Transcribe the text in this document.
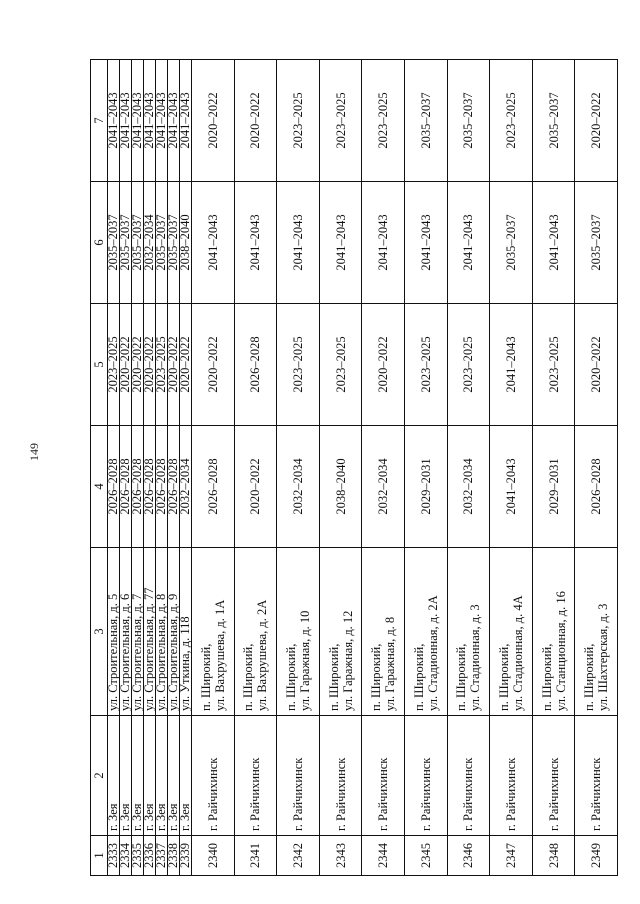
149
1	2	3	4	5	6	7
2333	г. Зея	ул. Строительная, д. 5	2026–2028	2023–2025	2035–2037	2041–2043
2334	г. Зея	ул. Строительная, д. 6	2026–2028	2020–2022	2035–2037	2041–2043
2335	г. Зея	ул. Строительная, д. 7	2026–2028	2020–2022	2035–2037	2041–2043
2336	г. Зея	ул. Строительная, д. 77	2026–2028	2020–2022	2032–2034	2041–2043
2337	г. Зея	ул. Строительная, д. 8	2026–2028	2023–2025	2035–2037	2041–2043
2338	г. Зея	ул. Строительная, д. 9	2026–2028	2020–2022	2035–2037	2041–2043
2339	г. Зея	ул. Уткина, д. 118	2032–2034	2020–2022	2038–2040	2041–2043
2340	г. Райчихинск	п. Широкий, ул. Вахрушева, д. 1А	2026–2028	2020–2022	2041–2043	2020–2022
2341	г. Райчихинск	п. Широкий, ул. Вахрушева, д. 2А	2020–2022	2026–2028	2041–2043	2020–2022
2342	г. Райчихинск	п. Широкий, ул. Гаражная, д. 10	2032–2034	2023–2025	2041–2043	2023–2025
2343	г. Райчихинск	п. Широкий, ул. Гаражная, д. 12	2038–2040	2023–2025	2041–2043	2023–2025
2344	г. Райчихинск	п. Широкий, ул. Гаражная, д. 8	2032–2034	2020–2022	2041–2043	2023–2025
2345	г. Райчихинск	п. Широкий, ул. Стадионная, д. 2А	2029–2031	2023–2025	2041–2043	2035–2037
2346	г. Райчихинск	п. Широкий, ул. Стадионная, д. 3	2032–2034	2023–2025	2041–2043	2035–2037
2347	г. Райчихинск	п. Широкий, ул. Стадионная, д. 4А	2041–2043	2041–2043	2035–2037	2023–2025
2348	г. Райчихинск	п. Широкий, ул. Станционная, д. 16	2029–2031	2023–2025	2041–2043	2035–2037
2349	г. Райчихинск	п. Широкий, ул. Шахтерская, д. 3	2026–2028	2020–2022	2035–2037	2020–2022
